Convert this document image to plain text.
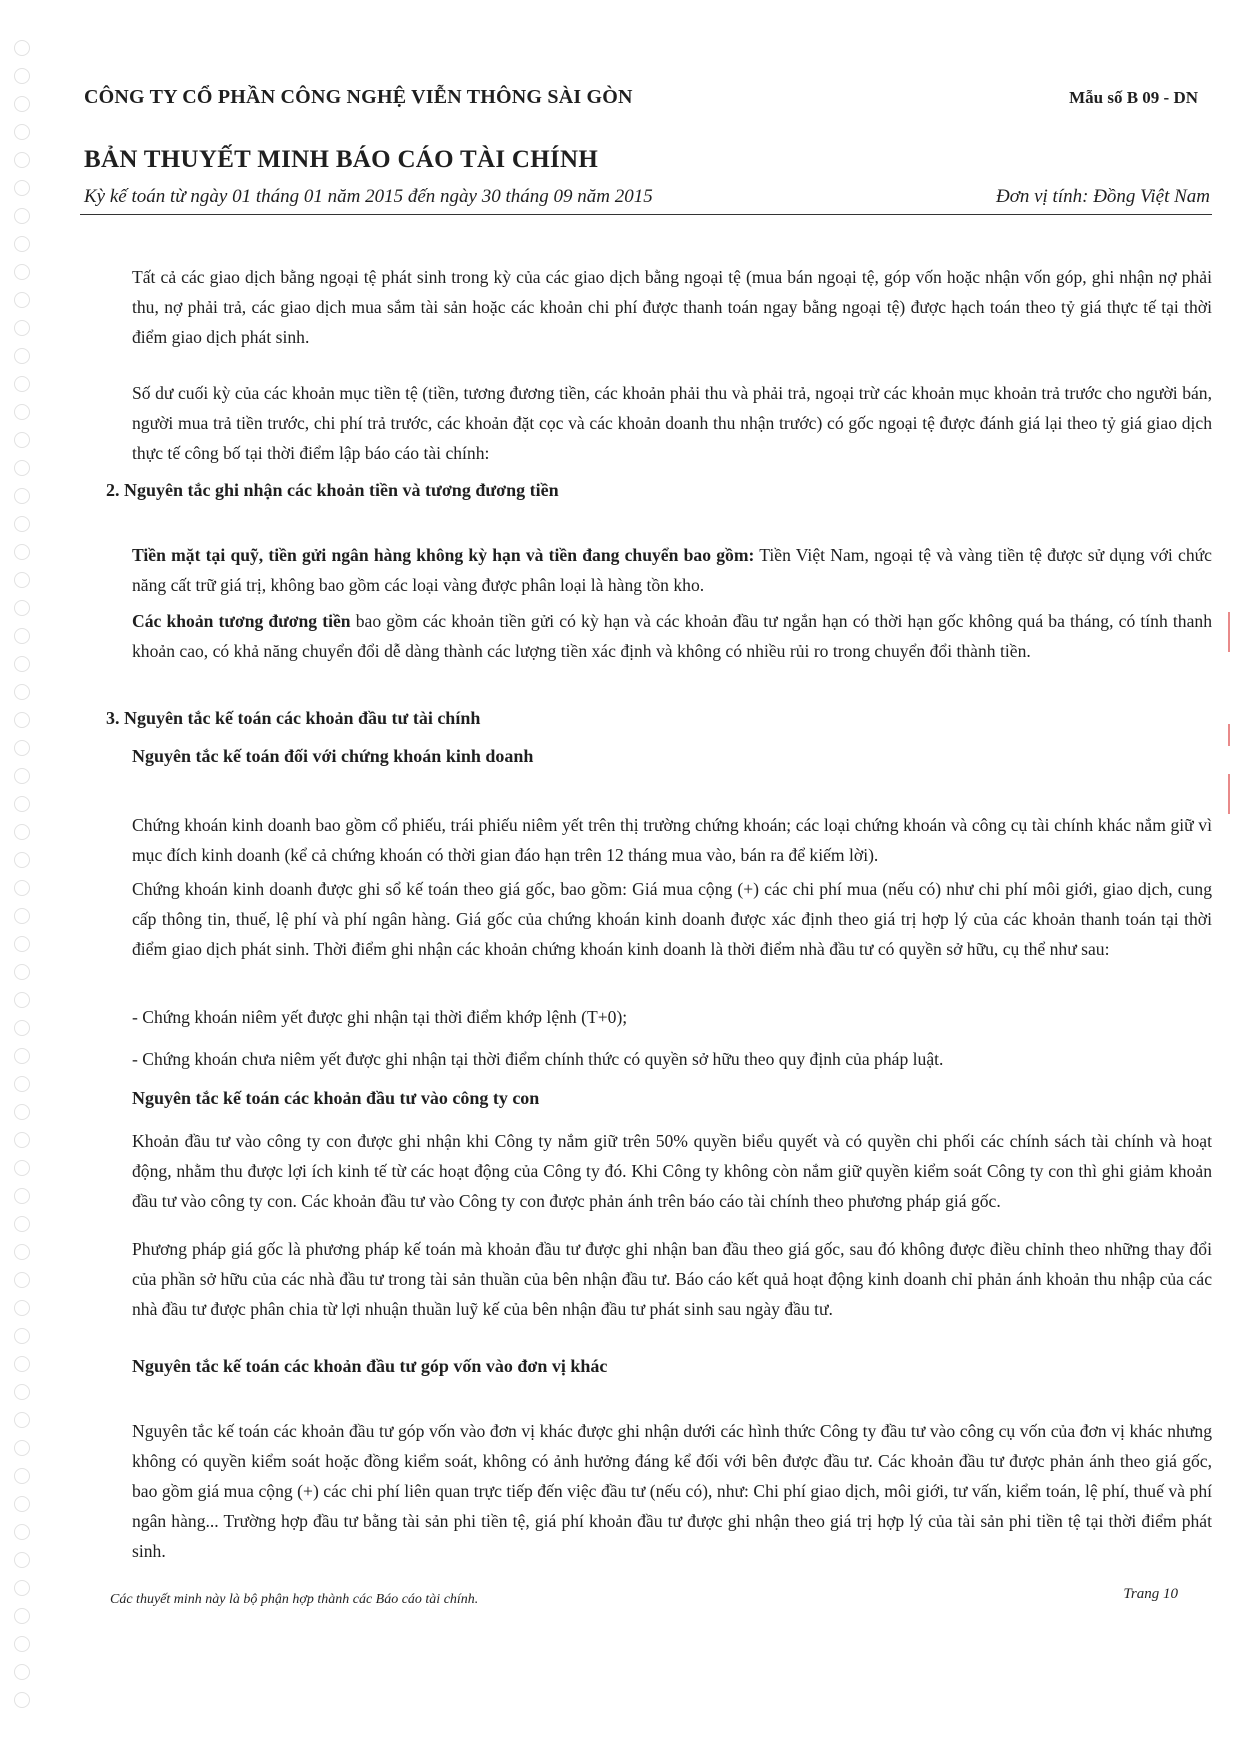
CÔNG TY CỔ PHẦN CÔNG NGHỆ VIỄN THÔNG SÀI GÒN	Mẫu số B 09 - DN
BẢN THUYẾT MINH BÁO CÁO TÀI CHÍNH
Kỳ kế toán từ ngày 01 tháng 01 năm 2015 đến ngày 30 tháng 09 năm 2015	Đơn vị tính: Đồng Việt Nam

Tất cả các giao dịch bằng ngoại tệ phát sinh trong kỳ của các giao dịch bằng ngoại tệ (mua bán ngoại tệ, góp vốn hoặc nhận vốn góp, ghi nhận nợ phải thu, nợ phải trả, các giao dịch mua sắm tài sản hoặc các khoản chi phí được thanh toán ngay bằng ngoại tệ) được hạch toán theo tỷ giá thực tế tại thời điểm giao dịch phát sinh.

Số dư cuối kỳ của các khoản mục tiền tệ (tiền, tương đương tiền, các khoản phải thu và phải trả, ngoại trừ các khoản mục khoản trả trước cho người bán, người mua trả tiền trước, chi phí trả trước, các khoản đặt cọc và các khoản doanh thu nhận trước) có gốc ngoại tệ được đánh giá lại theo tỷ giá giao dịch thực tế công bố tại thời điểm lập báo cáo tài chính:

2. Nguyên tắc ghi nhận các khoản tiền và tương đương tiền

Tiền mặt tại quỹ, tiền gửi ngân hàng không kỳ hạn và tiền đang chuyển bao gồm: Tiền Việt Nam, ngoại tệ và vàng tiền tệ được sử dụng với chức năng cất trữ giá trị, không bao gồm các loại vàng được phân loại là hàng tồn kho.

Các khoản tương đương tiền bao gồm các khoản tiền gửi có kỳ hạn và các khoản đầu tư ngắn hạn có thời hạn gốc không quá ba tháng, có tính thanh khoản cao, có khả năng chuyển đổi dễ dàng thành các lượng tiền xác định và không có nhiều rủi ro trong chuyển đổi thành tiền.

3. Nguyên tắc kế toán các khoản đầu tư tài chính

Nguyên tắc kế toán đối với chứng khoán kinh doanh

Chứng khoán kinh doanh bao gồm cổ phiếu, trái phiếu niêm yết trên thị trường chứng khoán; các loại chứng khoán và công cụ tài chính khác nắm giữ vì mục đích kinh doanh (kể cả chứng khoán có thời gian đáo hạn trên 12 tháng mua vào, bán ra để kiếm lời).

Chứng khoán kinh doanh được ghi sổ kế toán theo giá gốc, bao gồm: Giá mua cộng (+) các chi phí mua (nếu có) như chi phí môi giới, giao dịch, cung cấp thông tin, thuế, lệ phí và phí ngân hàng. Giá gốc của chứng khoán kinh doanh được xác định theo giá trị hợp lý của các khoản thanh toán tại thời điểm giao dịch phát sinh. Thời điểm ghi nhận các khoản chứng khoán kinh doanh là thời điểm nhà đầu tư có quyền sở hữu, cụ thể như sau:

- Chứng khoán niêm yết được ghi nhận tại thời điểm khớp lệnh (T+0);

- Chứng khoán chưa niêm yết được ghi nhận tại thời điểm chính thức có quyền sở hữu theo quy định của pháp luật.

Nguyên tắc kế toán các khoản đầu tư vào công ty con

Khoản đầu tư vào công ty con được ghi nhận khi Công ty nắm giữ trên 50% quyền biểu quyết và có quyền chi phối các chính sách tài chính và hoạt động, nhằm thu được lợi ích kinh tế từ các hoạt động của Công ty đó. Khi Công ty không còn nắm giữ quyền kiểm soát Công ty con thì ghi giảm khoản đầu tư vào công ty con. Các khoản đầu tư vào Công ty con được phản ánh trên báo cáo tài chính theo phương pháp giá gốc.

Phương pháp giá gốc là phương pháp kế toán mà khoản đầu tư được ghi nhận ban đầu theo giá gốc, sau đó không được điều chỉnh theo những thay đổi của phần sở hữu của các nhà đầu tư trong tài sản thuần của bên nhận đầu tư. Báo cáo kết quả hoạt động kinh doanh chỉ phản ánh khoản thu nhập của các nhà đầu tư được phân chia từ lợi nhuận thuần luỹ kế của bên nhận đầu tư phát sinh sau ngày đầu tư.

Nguyên tắc kế toán các khoản đầu tư góp vốn vào đơn vị khác

Nguyên tắc kế toán các khoản đầu tư góp vốn vào đơn vị khác được ghi nhận dưới các hình thức Công ty đầu tư vào công cụ vốn của đơn vị khác nhưng không có quyền kiểm soát hoặc đồng kiểm soát, không có ảnh hưởng đáng kể đối với bên được đầu tư. Các khoản đầu tư được phản ánh theo giá gốc, bao gồm giá mua cộng (+) các chi phí liên quan trực tiếp đến việc đầu tư (nếu có), như: Chi phí giao dịch, môi giới, tư vấn, kiểm toán, lệ phí, thuế và phí ngân hàng... Trường hợp đầu tư bằng tài sản phi tiền tệ, giá phí khoản đầu tư được ghi nhận theo giá trị hợp lý của tài sản phi tiền tệ tại thời điểm phát sinh.

Các thuyết minh này là bộ phận hợp thành các Báo cáo tài chính.	Trang 10
